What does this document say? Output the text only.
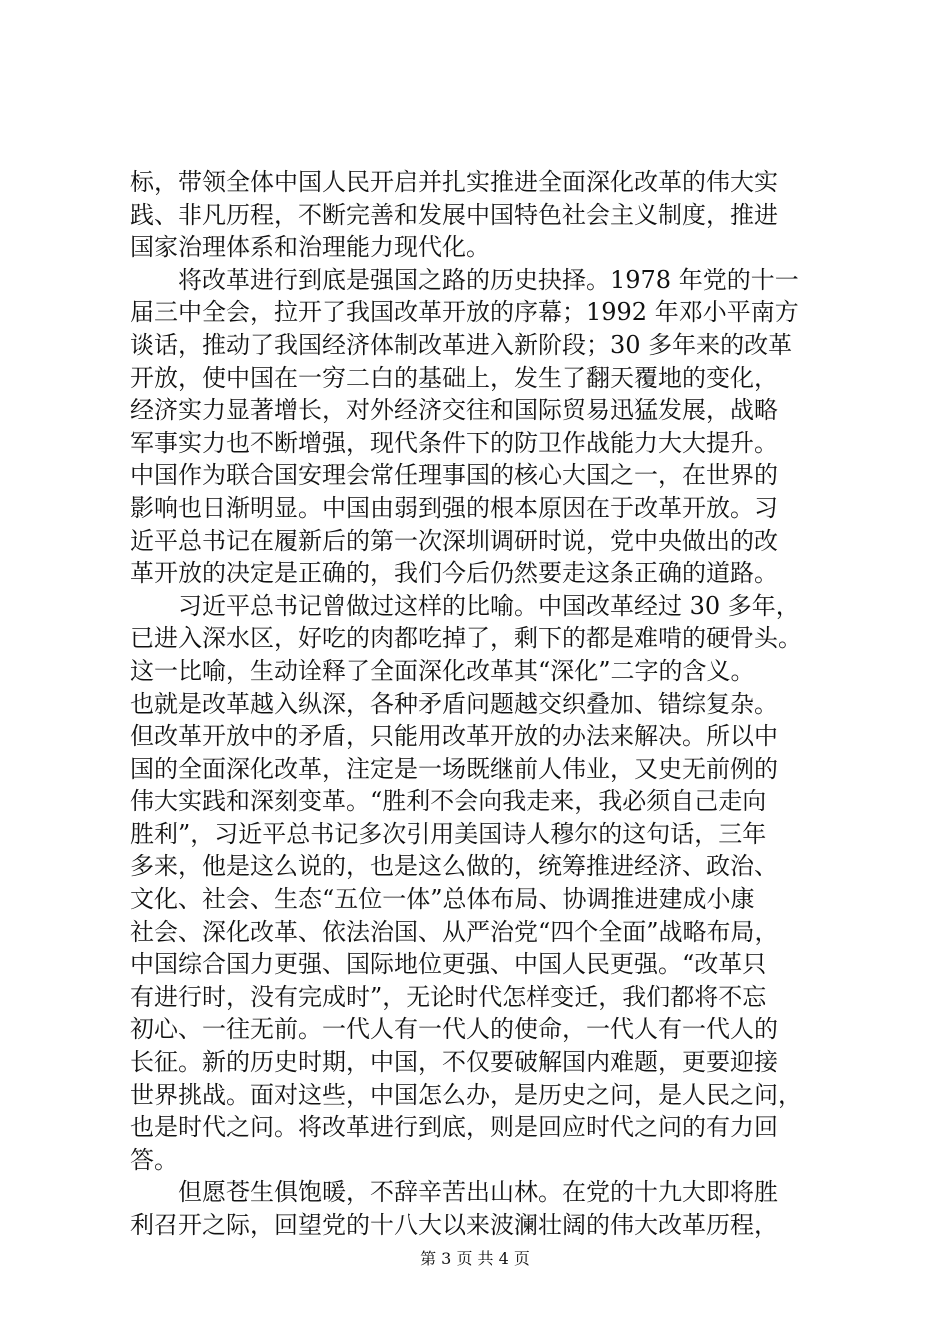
标，带领全体中国人民开启并扎实推进全面深化改革的伟大实
践、非凡历程，不断完善和发展中国特色社会主义制度，推进
国家治理体系和治理能力现代化。

将改革进行到底是强国之路的历史抉择。1978 年党的十一
届三中全会，拉开了我国改革开放的序幕；1992 年邓小平南方
谈话，推动了我国经济体制改革进入新阶段；30 多年来的改革
开放，使中国在一穷二白的基础上，发生了翻天覆地的变化，
经济实力显著增长，对外经济交往和国际贸易迅猛发展，战略
军事实力也不断增强，现代条件下的防卫作战能力大大提升。
中国作为联合国安理会常任理事国的核心大国之一，在世界的
影响也日渐明显。中国由弱到强的根本原因在于改革开放。习
近平总书记在履新后的第一次深圳调研时说，党中央做出的改
革开放的决定是正确的，我们今后仍然要走这条正确的道路。

习近平总书记曾做过这样的比喻。中国改革经过 30 多年，
已进入深水区，好吃的肉都吃掉了，剩下的都是难啃的硬骨头。
这一比喻，生动诠释了全面深化改革其“深化”二字的含义。
也就是改革越入纵深，各种矛盾问题越交织叠加、错综复杂。
但改革开放中的矛盾，只能用改革开放的办法来解决。所以中
国的全面深化改革，注定是一场既继前人伟业，又史无前例的
伟大实践和深刻变革。“胜利不会向我走来，我必须自己走向
胜利”，习近平总书记多次引用美国诗人穆尔的这句话，三年
多来，他是这么说的，也是这么做的，统筹推进经济、政治、
文化、社会、生态“五位一体”总体布局、协调推进建成小康
社会、深化改革、依法治国、从严治党“四个全面”战略布局，
中国综合国力更强、国际地位更强、中国人民更强。“改革只
有进行时，没有完成时”，无论时代怎样变迁，我们都将不忘
初心、一往无前。一代人有一代人的使命，一代人有一代人的
长征。新的历史时期，中国，不仅要破解国内难题，更要迎接
世界挑战。面对这些，中国怎么办，是历史之问，是人民之问，
也是时代之问。将改革进行到底，则是回应时代之问的有力回
答。

但愿苍生俱饱暖，不辞辛苦出山林。在党的十九大即将胜
利召开之际，回望党的十八大以来波澜壮阔的伟大改革历程，

第 3 页 共 4 页
